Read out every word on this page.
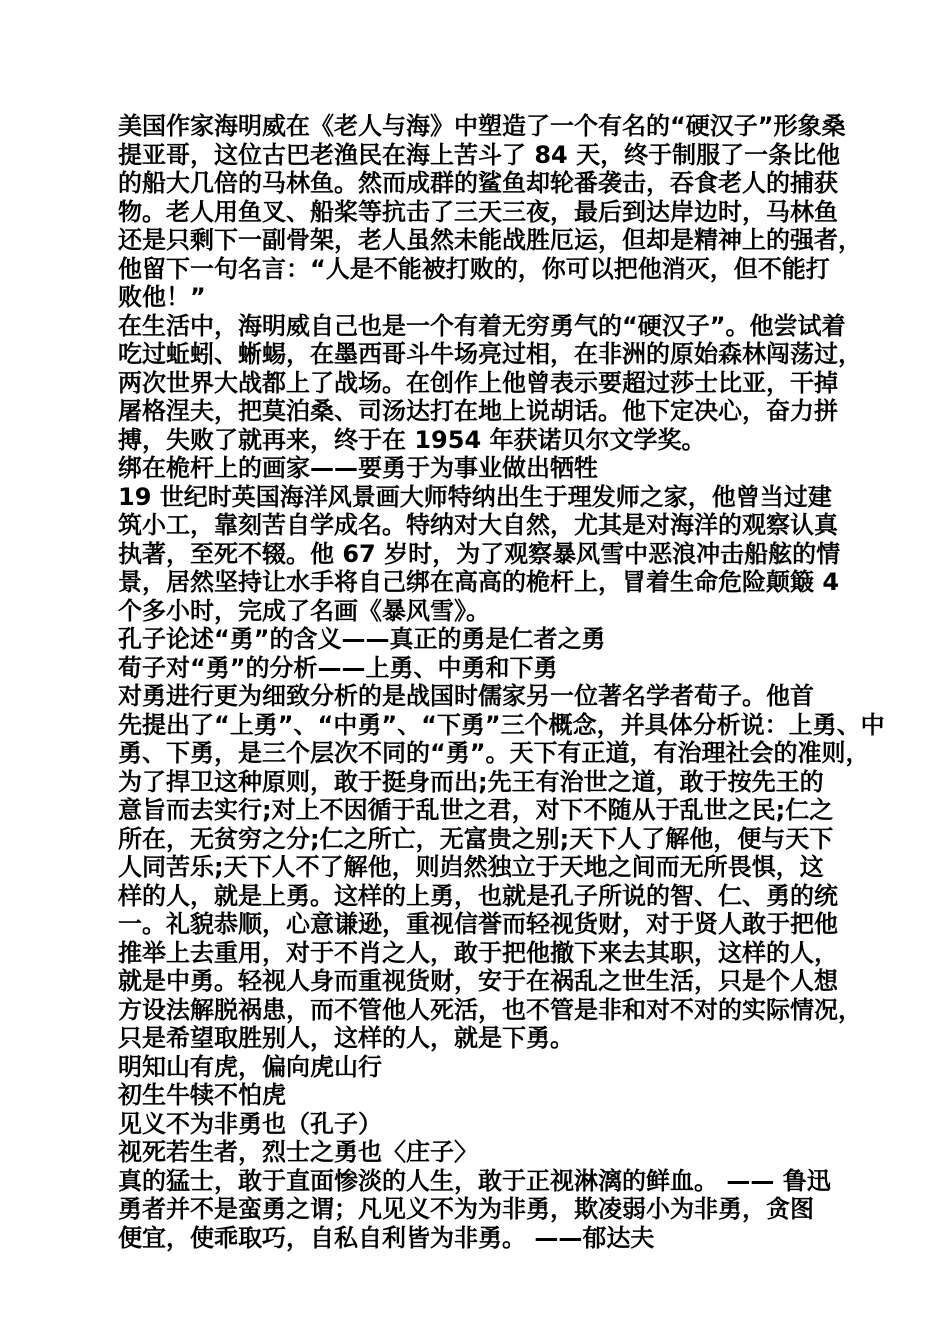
美国作家海明威在《老人与海》中塑造了一个有名的“硬汉子”形象桑
提亚哥，这位古巴老渔民在海上苦斗了 84 天，终于制服了一条比他
的船大几倍的马林鱼。然而成群的鲨鱼却轮番袭击，吞食老人的捕获
物。老人用鱼叉、船桨等抗击了三天三夜，最后到达岸边时，马林鱼
还是只剩下一副骨架，老人虽然未能战胜厄运，但却是精神上的强者，
他留下一句名言：“人是不能被打败的，你可以把他消灭，但不能打
败他！”
在生活中，海明威自己也是一个有着无穷勇气的“硬汉子”。他尝试着
吃过蚯蚓、蜥蜴，在墨西哥斗牛场亮过相，在非洲的原始森林闯荡过，
两次世界大战都上了战场。在创作上他曾表示要超过莎士比亚，干掉
屠格涅夫，把莫泊桑、司汤达打在地上说胡话。他下定决心，奋力拼
搏，失败了就再来，终于在 1954 年获诺贝尔文学奖。
绑在桅杆上的画家——要勇于为事业做出牺牲
19 世纪时英国海洋风景画大师特纳出生于理发师之家，他曾当过建
筑小工，靠刻苦自学成名。特纳对大自然，尤其是对海洋的观察认真
执著，至死不辍。他 67 岁时，为了观察暴风雪中恶浪冲击船舷的情
景，居然坚持让水手将自己绑在高高的桅杆上，冒着生命危险颠簸 4
个多小时，完成了名画《暴风雪》。
孔子论述“勇”的含义——真正的勇是仁者之勇
荀子对“勇”的分析——上勇、中勇和下勇
对勇进行更为细致分析的是战国时儒家另一位著名学者荀子。他首
先提出了“上勇”、“中勇”、“下勇”三个概念，并具体分析说：上勇、中
勇、下勇，是三个层次不同的“勇”。天下有正道，有治理社会的准则，
为了捍卫这种原则，敢于挺身而出;先王有治世之道，敢于按先王的
意旨而去实行;对上不因循于乱世之君，对下不随从于乱世之民;仁之
所在，无贫穷之分;仁之所亡，无富贵之别;天下人了解他，便与天下
人同苦乐;天下人不了解他，则岿然独立于天地之间而无所畏惧，这
样的人，就是上勇。这样的上勇，也就是孔子所说的智、仁、勇的统
一。礼貌恭顺，心意谦逊，重视信誉而轻视货财，对于贤人敢于把他
推举上去重用，对于不肖之人，敢于把他撤下来去其职，这样的人，
就是中勇。轻视人身而重视货财，安于在祸乱之世生活，只是个人想
方设法解脱祸患，而不管他人死活，也不管是非和对不对的实际情况，
只是希望取胜别人，这样的人，就是下勇。
明知山有虎，偏向虎山行
初生牛犊不怕虎
见义不为非勇也（孔子）
视死若生者，烈士之勇也〈庄子〉
真的猛士，敢于直面惨淡的人生，敢于正视淋漓的鲜血。 —— 鲁迅
勇者并不是蛮勇之谓；凡见义不为为非勇，欺凌弱小为非勇，贪图
便宜，使乖取巧，自私自利皆为非勇。 ——郁达夫
